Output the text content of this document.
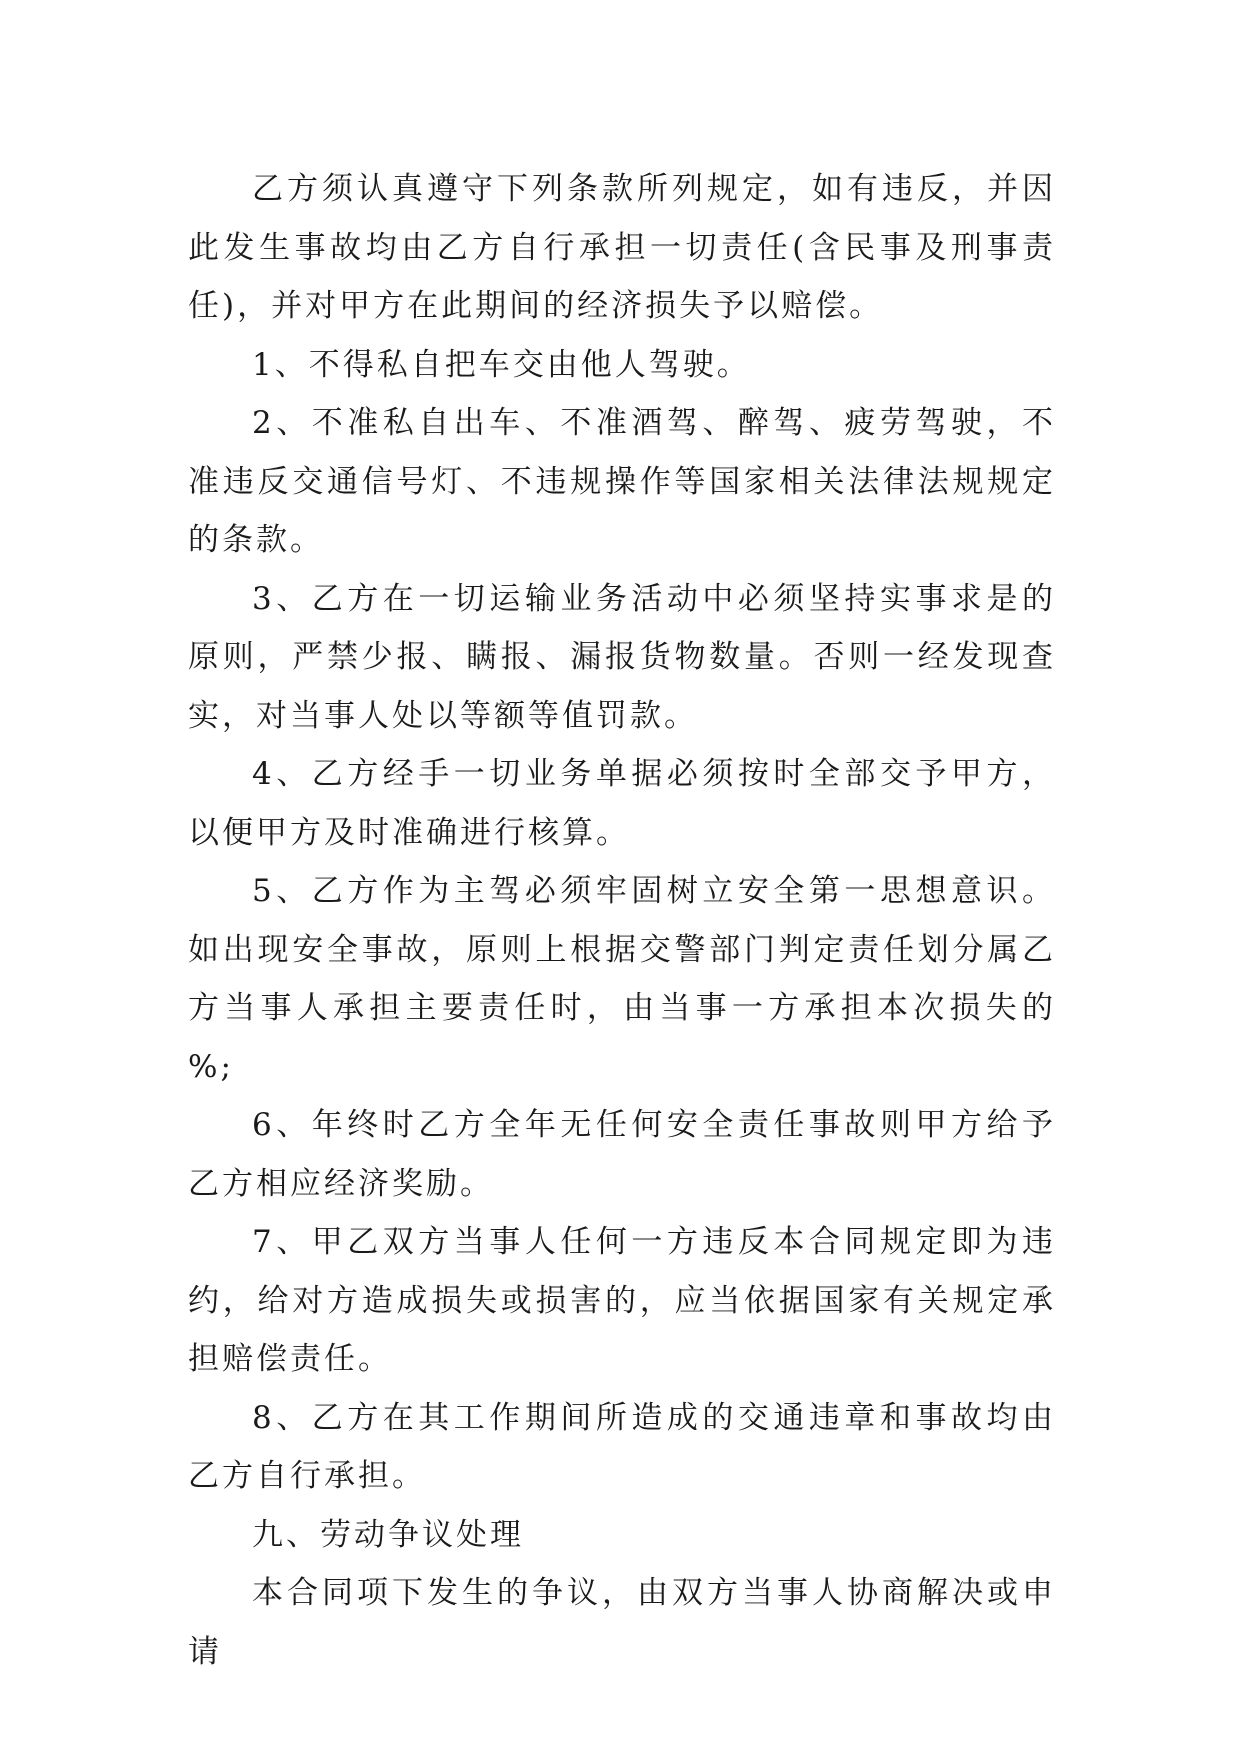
乙方须认真遵守下列条款所列规定，如有违反，并因此发生事故均由乙方自行承担一切责任(含民事及刑事责任)，并对甲方在此期间的经济损失予以赔偿。

1、不得私自把车交由他人驾驶。

2、不准私自出车、不准酒驾、醉驾、疲劳驾驶，不准违反交通信号灯、不违规操作等国家相关法律法规规定的条款。

3、乙方在一切运输业务活动中必须坚持实事求是的原则，严禁少报、瞒报、漏报货物数量。否则一经发现查实，对当事人处以等额等值罚款。

4、乙方经手一切业务单据必须按时全部交予甲方，以便甲方及时准确进行核算。

5、乙方作为主驾必须牢固树立安全第一思想意识。如出现安全事故，原则上根据交警部门判定责任划分属乙方当事人承担主要责任时，由当事一方承担本次损失的 %;

6、年终时乙方全年无任何安全责任事故则甲方给予乙方相应经济奖励。

7、甲乙双方当事人任何一方违反本合同规定即为违约，给对方造成损失或损害的，应当依据国家有关规定承担赔偿责任。

8、乙方在其工作期间所造成的交通违章和事故均由乙方自行承担。

九、劳动争议处理

本合同项下发生的争议，由双方当事人协商解决或申请
